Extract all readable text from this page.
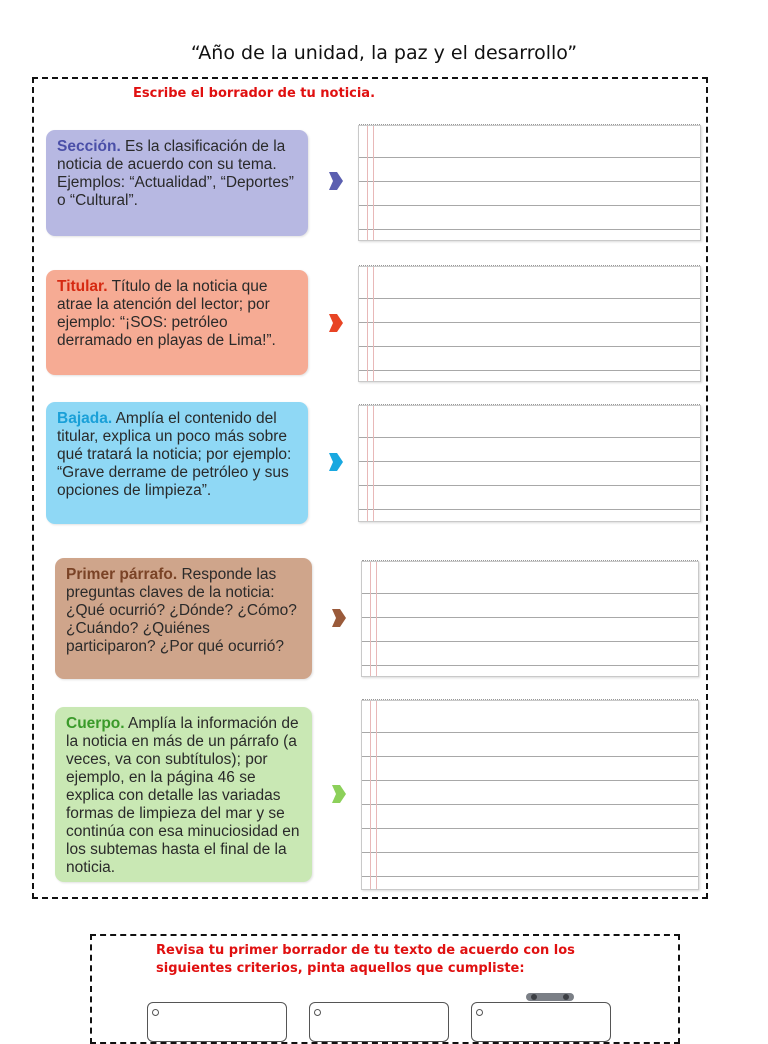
“Año de la unidad, la paz y el desarrollo”
Escribe el borrador de tu noticia.
Sección. Es la clasificación de la noticia de acuerdo con su tema. Ejemplos: “Actualidad”, “Deportes” o “Cultural”.
Titular. Título de la noticia que atrae la atención del lector; por ejemplo: “¡SOS: petróleo derramado en playas de Lima!”.
Bajada. Amplía el contenido del titular, explica un poco más sobre qué tratará la noticia; por ejemplo: “Grave derrame de petróleo y sus opciones de limpieza”.
Primer párrafo. Responde las preguntas claves de la noticia: ¿Qué ocurrió? ¿Dónde? ¿Cómo? ¿Cuándo? ¿Quiénes participaron? ¿Por qué ocurrió?
Cuerpo. Amplía la información de la noticia en más de un párrafo (a veces, va con subtítulos); por ejemplo, en la página 46 se explica con detalle las variadas formas de limpieza del mar y se continúa con esa minuciosidad en los subtemas hasta el final de la noticia.
Revisa tu primer borrador de tu texto de acuerdo con los siguientes criterios, pinta aquellos que cumpliste:
